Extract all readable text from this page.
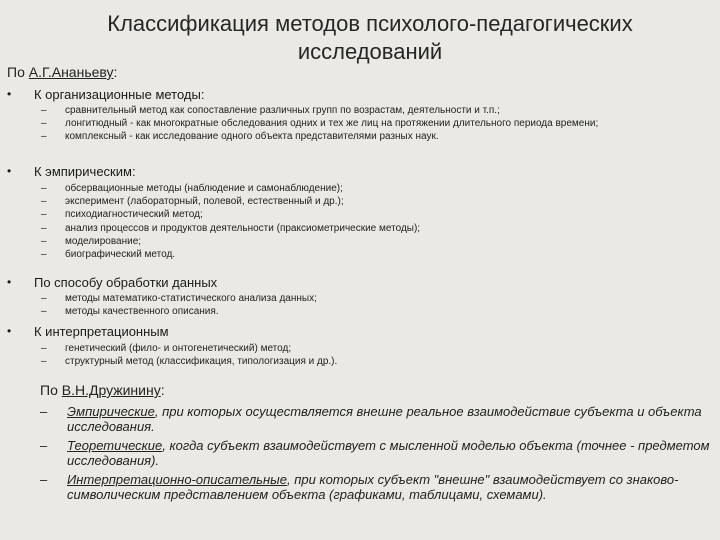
Классификация методов психолого-педагогических исследований
По А.Г.Ананьеву:
• К организационные методы:
– сравнительный метод как сопоставление различных групп по возрастам, деятельности и т.п.;
– лонгитюдный - как многократные обследования одних и тех же лиц на протяжении длительного периода времени;
– комплексный - как исследование одного объекта представителями разных наук.
• К эмпирическим:
– обсервационные методы (наблюдение и самонаблюдение);
– эксперимент (лабораторный, полевой, естественный и др.);
– психодиагностический метод;
– анализ процессов и продуктов деятельности (праксиометрические методы);
– моделирование;
– биографический метод.
• По способу обработки данных
– методы математико-статистического анализа данных;
– методы качественного описания.
• К интерпретационным
– генетический (фило- и онтогенетический) метод;
– структурный метод (классификация, типологизация и др.).
По В.Н.Дружинину:
– Эмпирические, при которых осуществляется внешне реальное взаимодействие субъекта и объекта исследования.
– Теоретические, когда субъект взаимодействует с мысленной моделью объекта (точнее - предметом исследования).
– Интерпретационно-описательные, при которых субъект "внешне" взаимодействует со знаково-символическим представлением объекта (графиками, таблицами, схемами).
